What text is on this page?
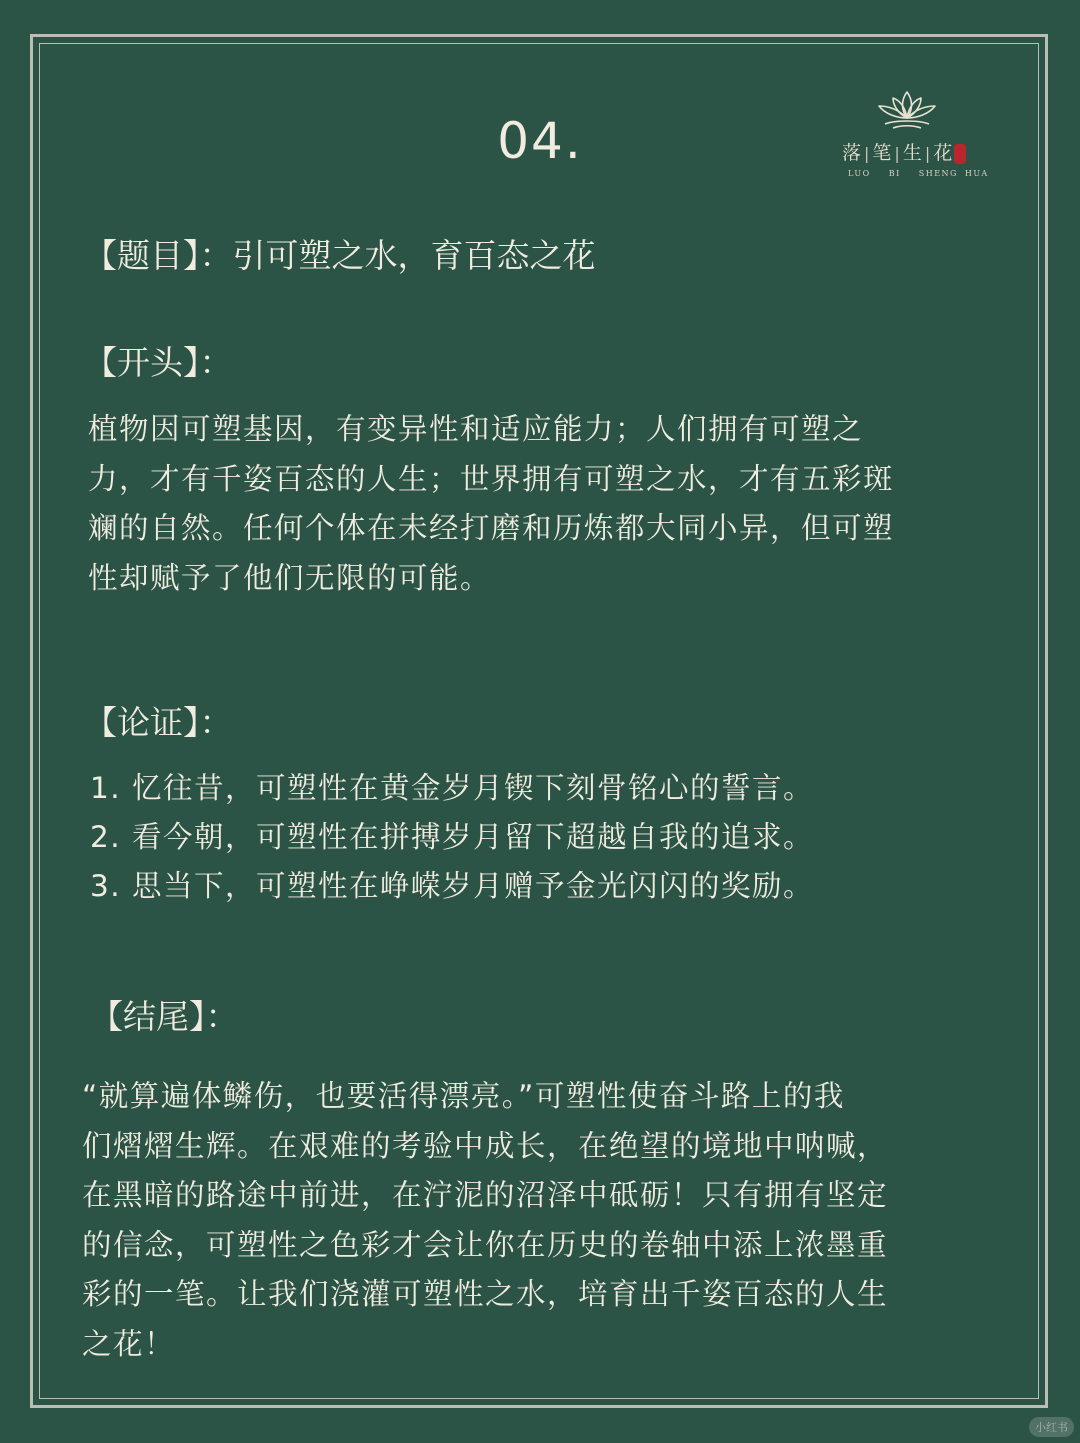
04.	落 | 笔 | 生 | 花
LUO BI SHENG HUA
【题目】：引可塑之水，育百态之花
【开头】：
植物因可塑基因，有变异性和适应能力；人们拥有可塑之
力，才有千姿百态的人生；世界拥有可塑之水，才有五彩斑
斓的自然。任何个体在未经打磨和历炼都大同小异，但可塑
性却赋予了他们无限的可能。
【论证】：
1. 忆往昔，可塑性在黄金岁月锲下刻骨铭心的誓言。
2. 看今朝，可塑性在拼搏岁月留下超越自我的追求。
3. 思当下，可塑性在峥嵘岁月赠予金光闪闪的奖励。
【结尾】：
“就算遍体鳞伤，也要活得漂亮。”可塑性使奋斗路上的我
们熠熠生辉。在艰难的考验中成长，在绝望的境地中呐喊，
在黑暗的路途中前进，在泞泥的沼泽中砥砺！只有拥有坚定
的信念，可塑性之色彩才会让你在历史的卷轴中添上浓墨重
彩的一笔。让我们浇灌可塑性之水，培育出千姿百态的人生
之花！
小红书
